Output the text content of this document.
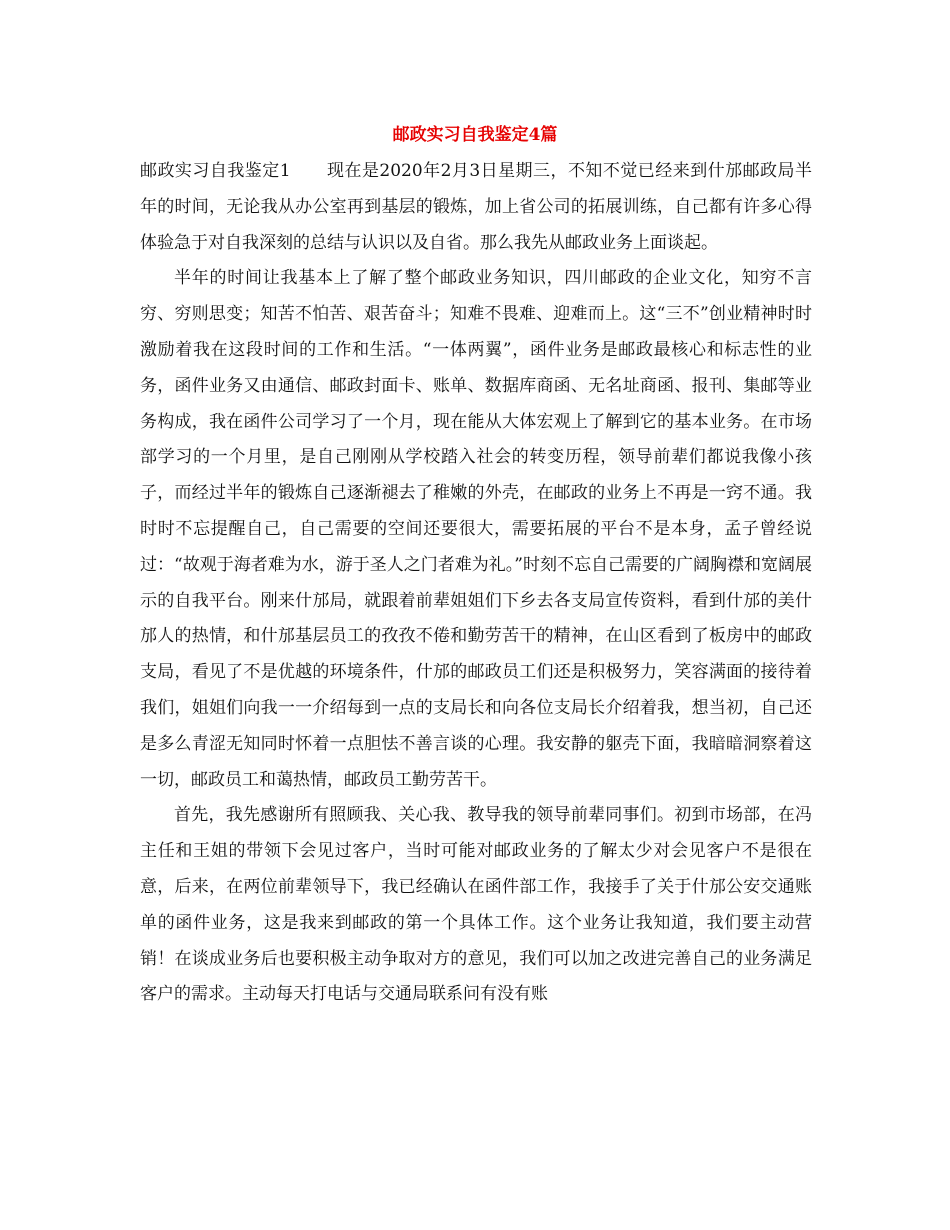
邮政实习自我鉴定4篇

邮政实习自我鉴定1 现在是2020年2月3日星期三，不知不觉已经来到什邡邮政局半年的时间，无论我从办公室再到基层的锻炼，加上省公司的拓展训练，自己都有许多心得体验急于对自我深刻的总结与认识以及自省。那么我先从邮政业务上面谈起。

半年的时间让我基本上了解了整个邮政业务知识，四川邮政的企业文化，知穷不言穷、穷则思变；知苦不怕苦、艰苦奋斗；知难不畏难、迎难而上。这“三不”创业精神时时激励着我在这段时间的工作和生活。“一体两翼”，函件业务是邮政最核心和标志性的业务，函件业务又由通信、邮政封面卡、账单、数据库商函、无名址商函、报刊、集邮等业务构成，我在函件公司学习了一个月，现在能从大体宏观上了解到它的基本业务。在市场部学习的一个月里，是自己刚刚从学校踏入社会的转变历程，领导前辈们都说我像小孩子，而经过半年的锻炼自己逐渐褪去了稚嫩的外壳，在邮政的业务上不再是一窍不通。我时时不忘提醒自己，自己需要的空间还要很大，需要拓展的平台不是本身，孟子曾经说过：“故观于海者难为水，游于圣人之门者难为礼。”时刻不忘自己需要的广阔胸襟和宽阔展示的自我平台。刚来什邡局，就跟着前辈姐姐们下乡去各支局宣传资料，看到什邡的美什邡人的热情，和什邡基层员工的孜孜不倦和勤劳苦干的精神，在山区看到了板房中的邮政支局，看见了不是优越的环境条件，什邡的邮政员工们还是积极努力，笑容满面的接待着我们，姐姐们向我一一介绍每到一点的支局长和向各位支局长介绍着我，想当初，自己还是多么青涩无知同时怀着一点胆怯不善言谈的心理。我安静的躯壳下面，我暗暗洞察着这一切，邮政员工和蔼热情，邮政员工勤劳苦干。

首先，我先感谢所有照顾我、关心我、教导我的领导前辈同事们。初到市场部，在冯主任和王姐的带领下会见过客户，当时可能对邮政业务的了解太少对会见客户不是很在意，后来，在两位前辈领导下，我已经确认在函件部工作，我接手了关于什邡公安交通账单的函件业务，这是我来到邮政的第一个具体工作。这个业务让我知道，我们要主动营销！在谈成业务后也要积极主动争取对方的意见，我们可以加之改进完善自己的业务满足客户的需求。主动每天打电话与交通局联系问有没有账
